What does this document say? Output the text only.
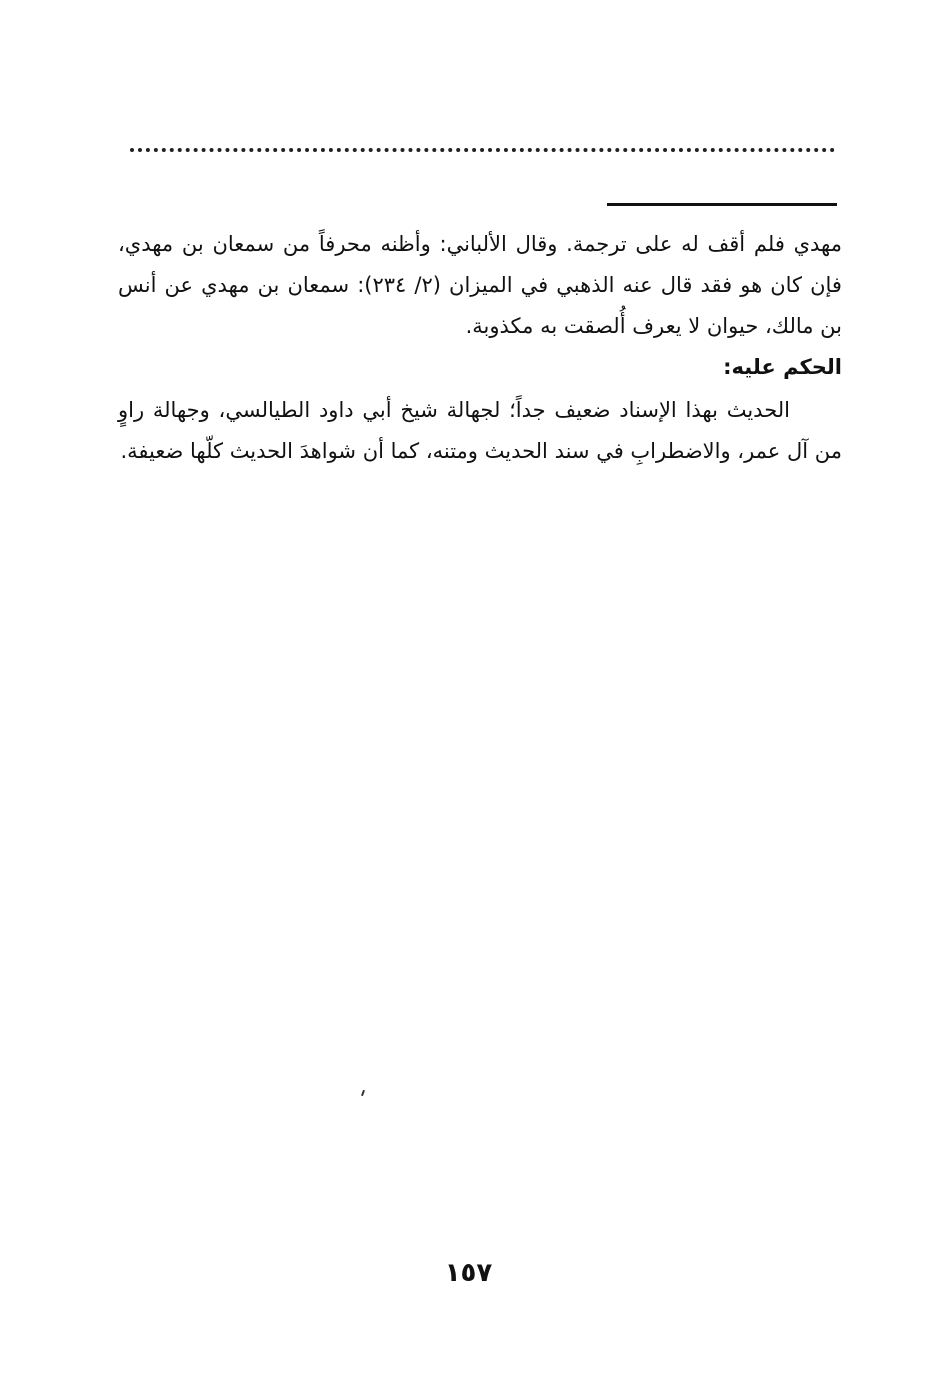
مهدي فلم أقف له على ترجمة. وقال الألباني: وأظنه محرفاً من سمعان بن مهدي، فإن كان هو فقد قال عنه الذهبي في الميزان (٢/ ٢٣٤): سمعان بن مهدي عن أنس بن مالك، حيوان لا يعرف أُلصقت به مكذوبة.

الحكم عليه:

الحديث بهذا الإسناد ضعيف جداً؛ لجهالة شيخ أبي داود الطيالسي، وجهالة راوٍ من آل عمر، والاضطرابِ في سند الحديث ومتنه، كما أن شواهدَ الحديث كلّها ضعيفة.

١٥٧
